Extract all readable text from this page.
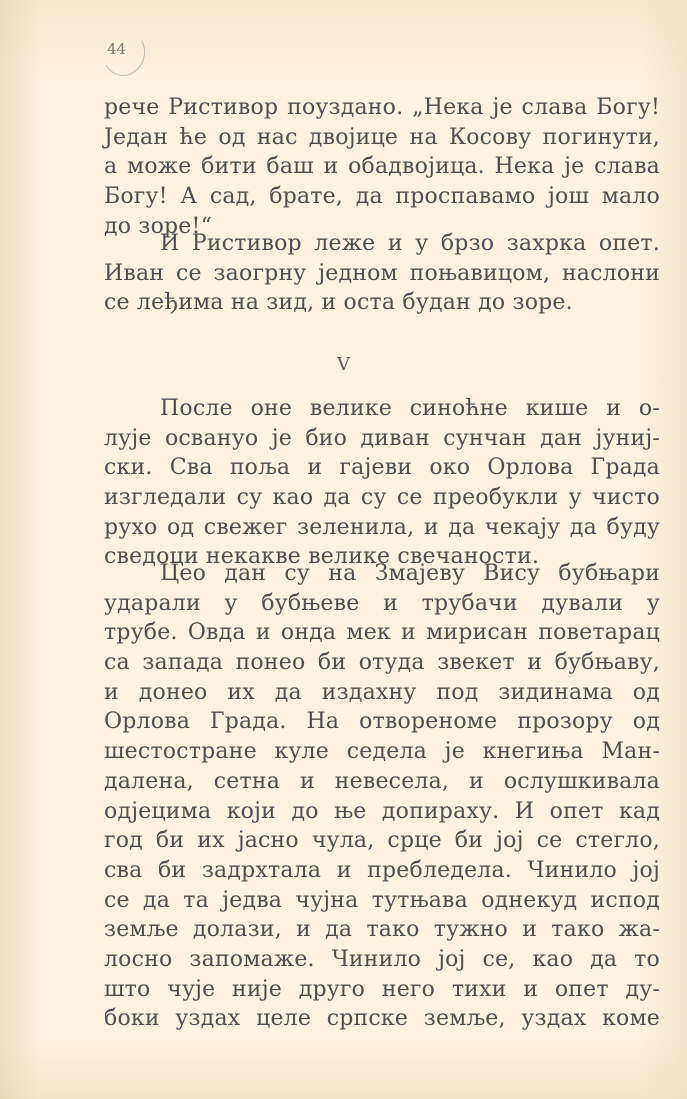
44
рече Ристивор поуздано. „Нека је слава Богу!
Један ће од нас двојице на Косову погинути,
а може бити баш и обадвојица. Нека је слава
Богу! А сад, брате, да проспавамо још мало
до зоре!“
И Ристивор леже и у брзо захрка опет.
Иван се заогрну једном поњавицом, наслони
се леђима на зид, и оста будан до зоре.
V
После оне велике синоћне кише и о-
лује освануо је био диван сунчан дан јуниј-
ски. Сва поља и гајеви око Орлова Града
изгледали су као да су се преобукли у чисто
рухо од свежег зеленила, и да чекају да буду
сведоци некакве велике свечаности.
Цео дан су на Змајеву Вису бубњари
ударали у бубњеве и трубачи дували у
трубе. Овда и онда мек и мирисан поветарац
са запада понео би отуда звекет и бубњаву,
и донео их да издахну под зидинама од
Орлова Града. На отвореноме прозору од
шестостране куле седела је кнегиња Ман-
далена, сетна и невесела, и ослушкивала
одјецима који до ње допираху. И опет кад
год би их јасно чула, срце би јој се стегло,
сва би задрхтала и пребледела. Чинило јој
се да та једва чујна тутњава однекуд испод
земље долази, и да тако тужно и тако жа-
лосно запомаже. Чинило јој се, као да то
што чује није друго него тихи и опет ду-
боки уздах целе српске земље, уздах коме
